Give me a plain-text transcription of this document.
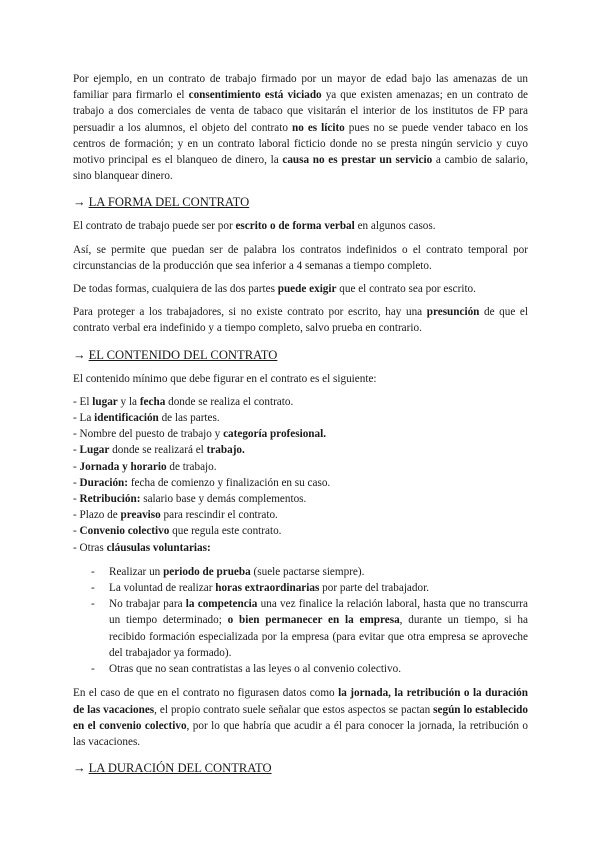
Por ejemplo, en un contrato de trabajo firmado por un mayor de edad bajo las amenazas de un familiar para firmarlo el consentimiento está viciado ya que existen amenazas; en un contrato de trabajo a dos comerciales de venta de tabaco que visitarán el interior de los institutos de FP para persuadir a los alumnos, el objeto del contrato no es lícito pues no se puede vender tabaco en los centros de formación; y en un contrato laboral ficticio donde no se presta ningún servicio y cuyo motivo principal es el blanqueo de dinero, la causa no es prestar un servicio a cambio de salario, sino blanquear dinero.

→ LA FORMA DEL CONTRATO

El contrato de trabajo puede ser por escrito o de forma verbal en algunos casos.

Así, se permite que puedan ser de palabra los contratos indefinidos o el contrato temporal por circunstancias de la producción que sea inferior a 4 semanas a tiempo completo.

De todas formas, cualquiera de las dos partes puede exigir que el contrato sea por escrito.

Para proteger a los trabajadores, si no existe contrato por escrito, hay una presunción de que el contrato verbal era indefinido y a tiempo completo, salvo prueba en contrario.

→ EL CONTENIDO DEL CONTRATO

El contenido mínimo que debe figurar en el contrato es el siguiente:

- El lugar y la fecha donde se realiza el contrato.
- La identificación de las partes.
- Nombre del puesto de trabajo y categoría profesional.
- Lugar donde se realizará el trabajo.
- Jornada y horario de trabajo.
- Duración: fecha de comienzo y finalización en su caso.
- Retribución: salario base y demás complementos.
- Plazo de preaviso para rescindir el contrato.
- Convenio colectivo que regula este contrato.
- Otras cláusulas voluntarias:
- Realizar un periodo de prueba (suele pactarse siempre).
- La voluntad de realizar horas extraordinarias por parte del trabajador.
- No trabajar para la competencia una vez finalice la relación laboral, hasta que no transcurra un tiempo determinado; o bien permanecer en la empresa, durante un tiempo, si ha recibido formación especializada por la empresa (para evitar que otra empresa se aproveche del trabajador ya formado).
- Otras que no sean contratistas a las leyes o al convenio colectivo.

En el caso de que en el contrato no figurasen datos como la jornada, la retribución o la duración de las vacaciones, el propio contrato suele señalar que estos aspectos se pactan según lo establecido en el convenio colectivo, por lo que habría que acudir a él para conocer la jornada, la retribución o las vacaciones.

→ LA DURACIÓN DEL CONTRATO
